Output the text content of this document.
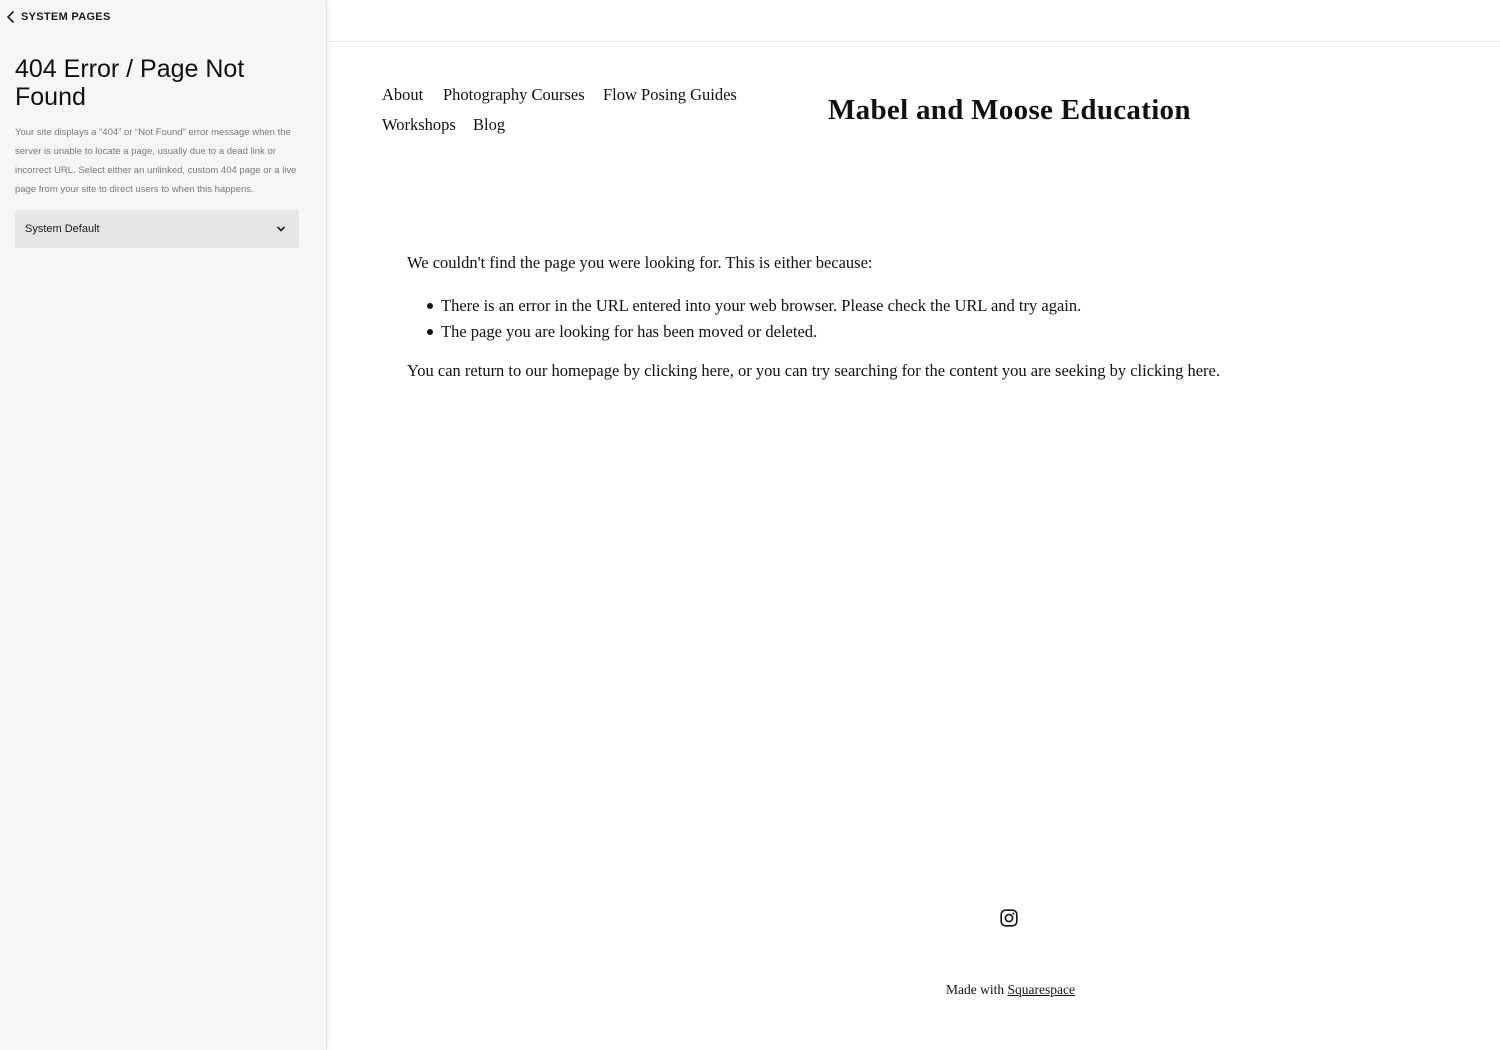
SYSTEM PAGES
404 Error / Page Not Found

Your site displays a “404” or “Not Found” error message when the server is unable to locate a page, usually due to a dead link or incorrect URL. Select either an unlinked, custom 404 page or a live page from your site to direct users to when this happens.

System Default
About Photography Courses Flow Posing Guides
Workshops Blog	Mabel and Moose Education
We couldn't find the page you were looking for. This is either because:
There is an error in the URL entered into your web browser. Please check the URL and try again.
The page you are looking for has been moved or deleted.
You can return to our homepage by clicking here, or you can try searching for the content you are seeking by clicking here.
Made with Squarespace
